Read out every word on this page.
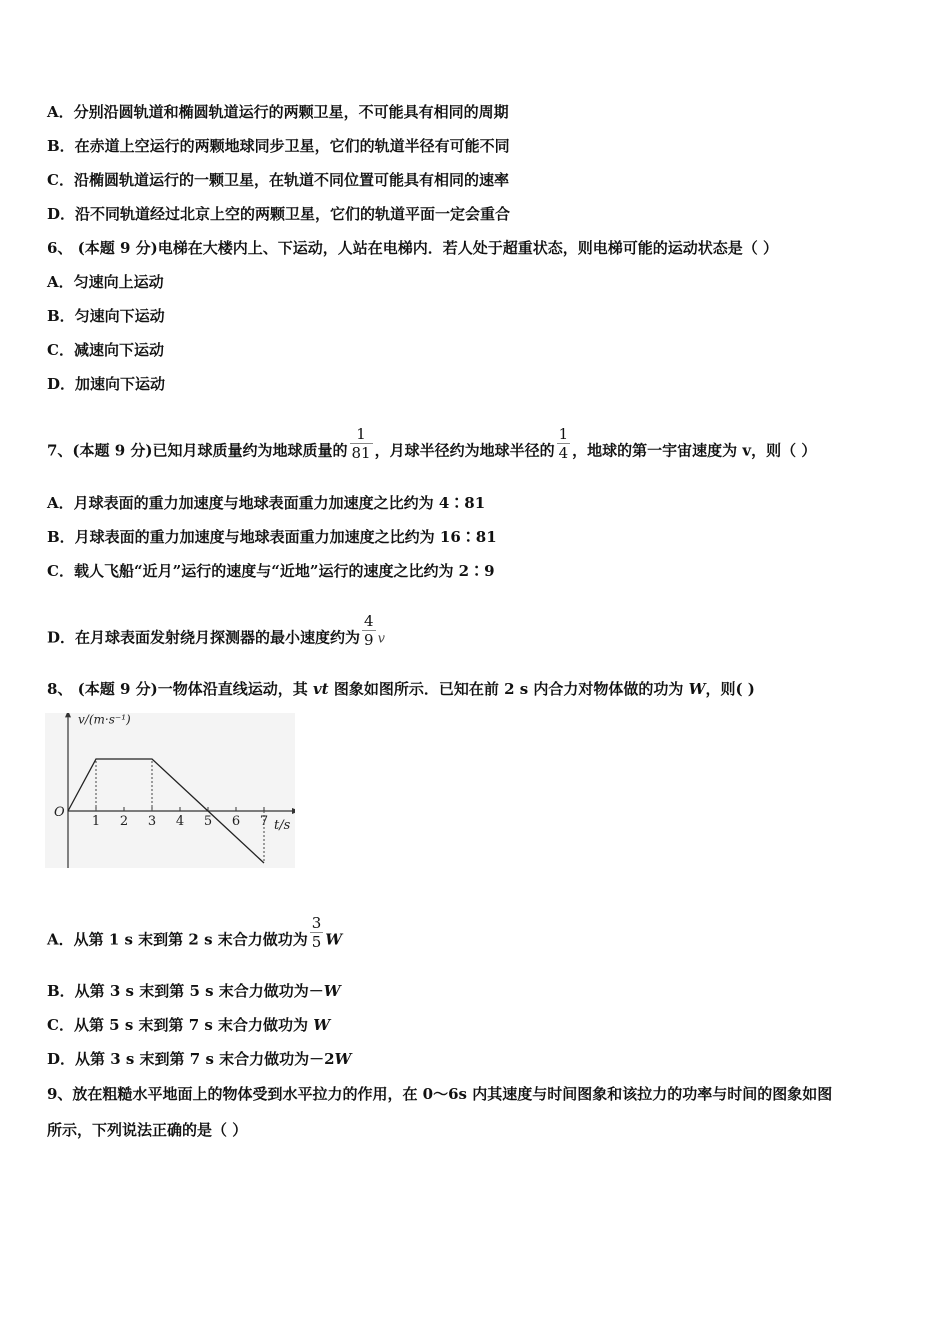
A．分别沿圆轨道和椭圆轨道运行的两颗卫星，不可能具有相同的周期
B．在赤道上空运行的两颗地球同步卫星，它们的轨道半径有可能不同
C．沿椭圆轨道运行的一颗卫星，在轨道不同位置可能具有相同的速率
D．沿不同轨道经过北京上空的两颗卫星，它们的轨道平面一定会重合
6、 (本题 9 分)电梯在大楼内上、下运动，人站在电梯内．若人处于超重状态，则电梯可能的运动状态是（ ）
A．匀速向上运动
B．匀速向下运动
C．减速向下运动
D．加速向下运动
7、(本题 9 分)已知月球质量约为地球质量的 $\frac{1}{81}$ ，月球半径约为地球半径的 $\frac{1}{4}$ ，地球的第一宇宙速度为 v，则（ ）
A．月球表面的重力加速度与地球表面重力加速度之比约为 4∶81
B．月球表面的重力加速度与地球表面重力加速度之比约为 16∶81
C．载人飞船“近月”运行的速度与“近地”运行的速度之比约为 2∶9
D．在月球表面发射绕月探测器的最小速度约为 $\frac{4}{9}$ v
8、 (本题 9 分)一物体沿直线运动，其 vt 图象如图所示．已知在前 2 s 内合力对物体做的功为 W，则( )
1 2 3 4 5 6 7
v/(m·s⁻¹)
t/s
O
A．从第 1 s 末到第 2 s 末合力做功为 $\frac{3}{5}$ W
B．从第 3 s 末到第 5 s 末合力做功为－W
C．从第 5 s 末到第 7 s 末合力做功为 W
D．从第 3 s 末到第 7 s 末合力做功为－2W
9、放在粗糙水平地面上的物体受到水平拉力的作用，在 0～6s 内其速度与时间图象和该拉力的功率与时间的图象如图
所示，下列说法正确的是（ ）
